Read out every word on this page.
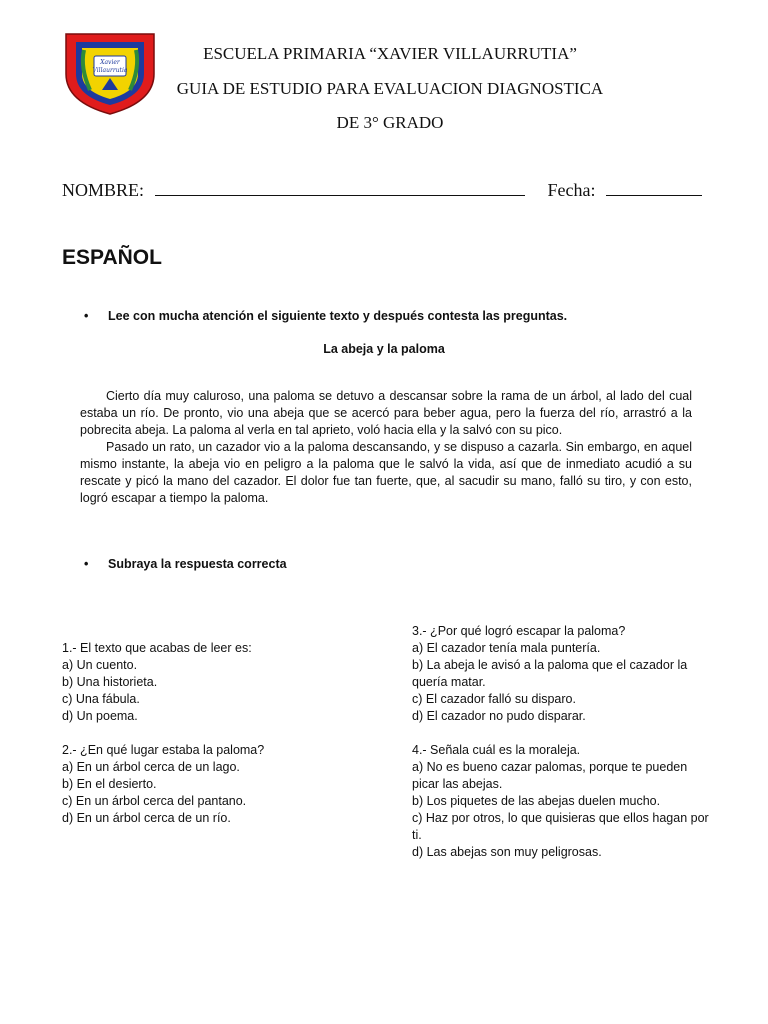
Xavier
Villaurrutia
ESCUELA PRIMARIA “XAVIER VILLAURRUTIA”
GUIA DE ESTUDIO PARA EVALUACION DIAGNOSTICA
DE 3° GRADO
NOMBRE:	Fecha:
ESPAÑOL
• Lee con mucha atención el siguiente texto y después contesta las preguntas.
La abeja y la paloma

Cierto día muy caluroso, una paloma se detuvo a descansar sobre la rama de un árbol, al lado del cual estaba un río. De pronto, vio una abeja que se acercó para beber agua, pero la fuerza del río, arrastró a la pobrecita abeja. La paloma al verla en tal aprieto, voló hacia ella y la salvó con su pico.

Pasado un rato, un cazador vio a la paloma descansando, y se dispuso a cazarla. Sin embargo, en aquel mismo instante, la abeja vio en peligro a la paloma que le salvó la vida, así que de inmediato acudió a su rescate y picó la mano del cazador. El dolor fue tan fuerte, que, al sacudir su mano, falló su tiro, y con esto, logró escapar a tiempo la paloma.

• Subraya la respuesta correcta
1.- El texto que acabas de leer es:
a) Un cuento.
b) Una historieta.
c) Una fábula.
d) Un poema.
2.- ¿En qué lugar estaba la paloma?
a) En un árbol cerca de un lago.
b) En el desierto.
c) En un árbol cerca del pantano.
d) En un árbol cerca de un río.
3.- ¿Por qué logró escapar la paloma?
a) El cazador tenía mala puntería.
b) La abeja le avisó a la paloma que el cazador la quería matar.
c) El cazador falló su disparo.
d) El cazador no pudo disparar.
4.- Señala cuál es la moraleja.
a) No es bueno cazar palomas, porque te pueden picar las abejas.
b) Los piquetes de las abejas duelen mucho.
c) Haz por otros, lo que quisieras que ellos hagan por ti.
d) Las abejas son muy peligrosas.
